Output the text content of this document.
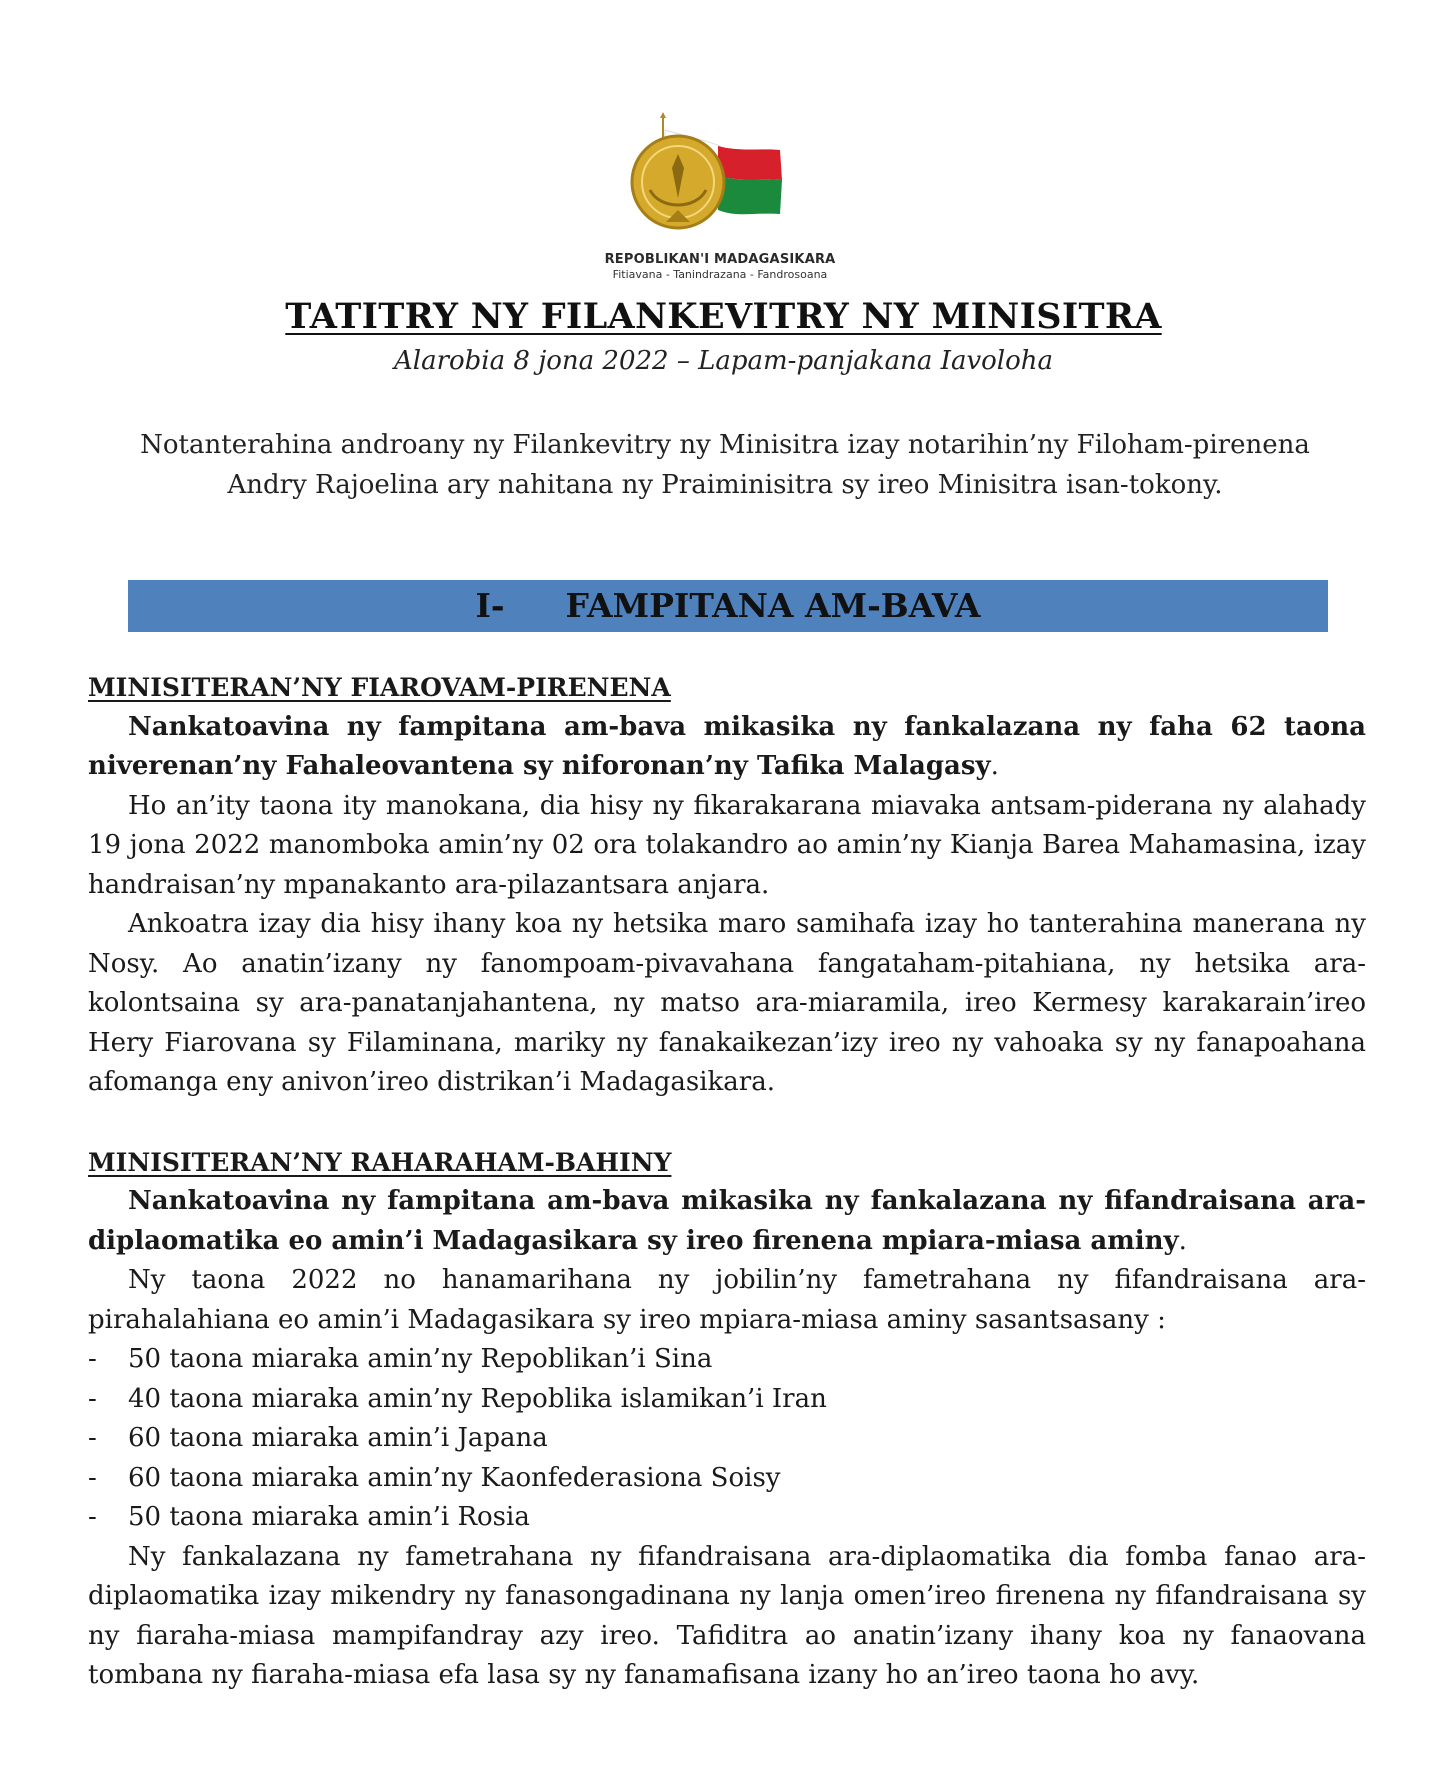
REPOBLIKAN'I MADAGASIKARA
Fitiavana - Tanindrazana - Fandrosoana
TATITRY NY FILANKEVITRY NY MINISITRA
Alarobia 8 jona 2022 – Lapam-panjakana Iavoloha
Notanterahina androany ny Filankevitry ny Minisitra izay notarihin’ny Filoham-pirenena Andry Rajoelina ary nahitana ny Praiminisitra sy ireo Minisitra isan-tokony.
I- FAMPITANA AM-BAVA
MINISITERAN’NY FIAROVAM-PIRENENA

Nankatoavina ny fampitana am-bava mikasika ny fankalazana ny faha 62 taona niverenan’ny Fahaleovantena sy niforonan’ny Tafika Malagasy.

Ho an’ity taona ity manokana, dia hisy ny fikarakarana miavaka antsam-piderana ny alahady 19 jona 2022 manomboka amin’ny 02 ora tolakandro ao amin’ny Kianja Barea Mahamasina, izay handraisan’ny mpanakanto ara-pilazantsara anjara.

Ankoatra izay dia hisy ihany koa ny hetsika maro samihafa izay ho tanterahina manerana ny Nosy. Ao anatin’izany ny fanompoam-pivavahana fangataham-pitahiana, ny hetsika ara-kolontsaina sy ara-panatanjahantena, ny matso ara-miaramila, ireo Kermesy karakarain’ireo Hery Fiarovana sy Filaminana, mariky ny fanakaikezan’izy ireo ny vahoaka sy ny fanapoahana afomanga eny anivon’ireo distrikan’i Madagasikara.

MINISITERAN’NY RAHARAHAM-BAHINY

Nankatoavina ny fampitana am-bava mikasika ny fankalazana ny fifandraisana ara-diplaomatika eo amin’i Madagasikara sy ireo firenena mpiara-miasa aminy.

Ny taona 2022 no hanamarihana ny jobilin’ny fametrahana ny fifandraisana ara-pirahalahiana eo amin’i Madagasikara sy ireo mpiara-miasa aminy sasantsasany :

- 50 taona miaraka amin’ny Repoblikan’i Sina
- 40 taona miaraka amin’ny Repoblika islamikan’i Iran
- 60 taona miaraka amin’i Japana
- 60 taona miaraka amin’ny Kaonfederasiona Soisy
- 50 taona miaraka amin’i Rosia

Ny fankalazana ny fametrahana ny fifandraisana ara-diplaomatika dia fomba fanao ara-diplaomatika izay mikendry ny fanasongadinana ny lanja omen’ireo firenena ny fifandraisana sy ny fiaraha-miasa mampifandray azy ireo. Tafiditra ao anatin’izany ihany koa ny fanaovana tombana ny fiaraha-miasa efa lasa sy ny fanamafisana izany ho an’ireo taona ho avy.
